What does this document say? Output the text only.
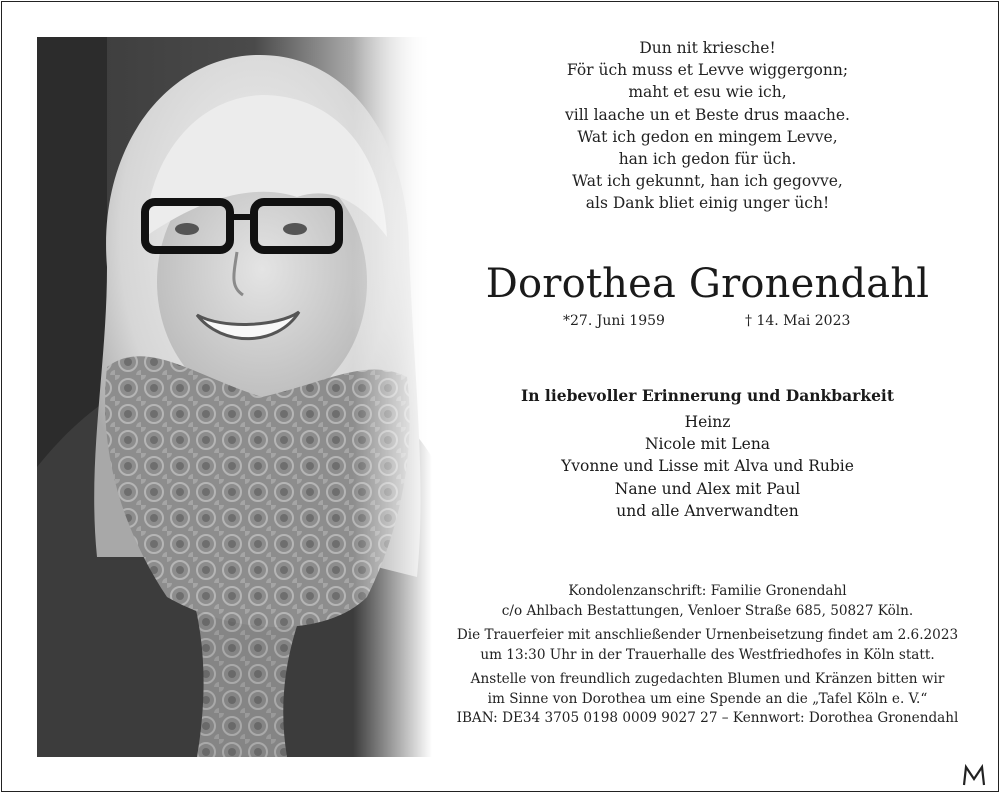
Dun nit kriesche!
För üch muss et Levve wiggergonn;
maht et esu wie ich,
vill laache un et Beste drus maache.
Wat ich gedon en mingem Levve,
han ich gedon für üch.
Wat ich gekunnt, han ich gegovve,
als Dank bliet einig unger üch!
Dorothea Gronendahl
*27. Juni 1959	† 14. Mai 2023
In liebevoller Erinnerung und Dankbarkeit
Heinz
Nicole mit Lena
Yvonne und Lisse mit Alva und Rubie
Nane und Alex mit Paul
und alle Anverwandten

Kondolenzanschrift: Familie Gronendahl
c/o Ahlbach Bestattungen, Venloer Straße 685, 50827 Köln.

Die Trauerfeier mit anschließender Urnenbeisetzung findet am 2.6.2023
um 13:30 Uhr in der Trauerhalle des Westfriedhofes in Köln statt.

Anstelle von freundlich zugedachten Blumen und Kränzen bitten wir
im Sinne von Dorothea um eine Spende an die „Tafel Köln e. V.“
IBAN: DE34 3705 0198 0009 9027 27 – Kennwort: Dorothea Gronendahl
